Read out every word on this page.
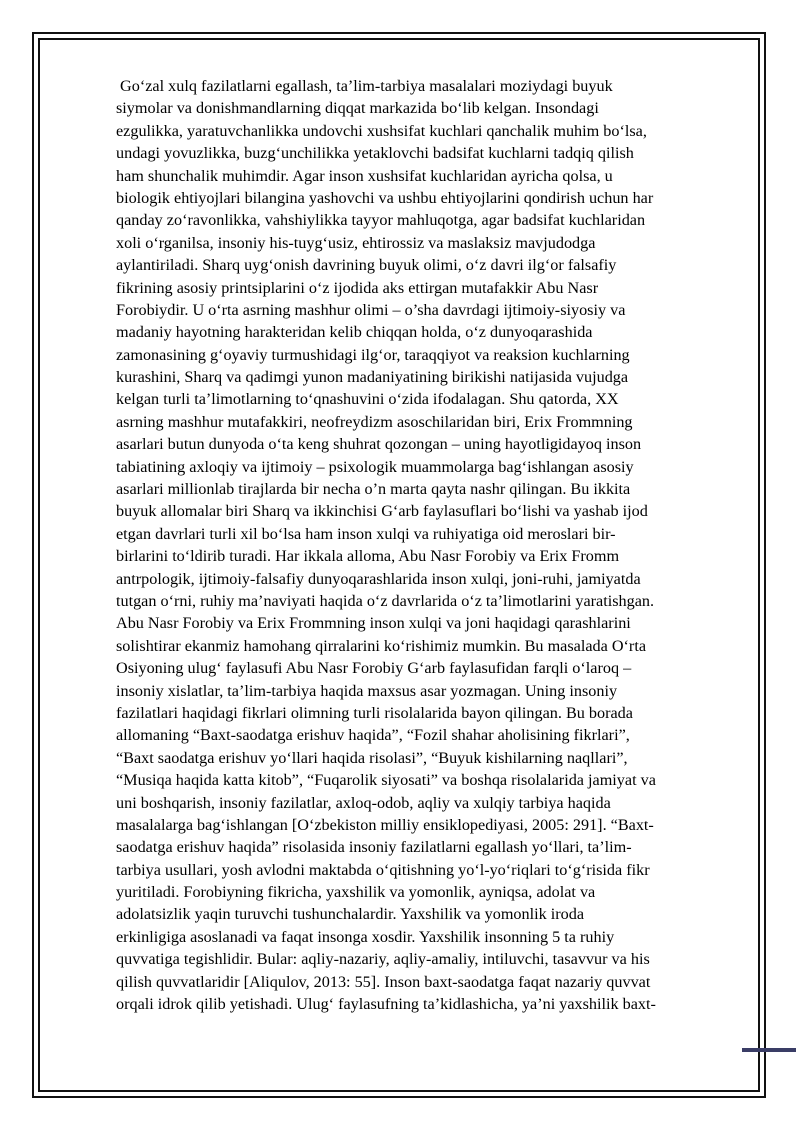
Go‘zal xulq fazilatlarni egallash, ta’lim-tarbiya masalalari moziydagi buyuk
siymolar va donishmandlarning diqqat markazida bo‘lib kelgan. Insondagi
ezgulikka, yaratuvchanlikka undovchi xushsifat kuchlari qanchalik muhim bo‘lsa,
undagi yovuzlikka, buzg‘unchilikka yetaklovchi badsifat kuchlarni tadqiq qilish
ham shunchalik muhimdir. Agar inson xushsifat kuchlaridan ayricha qolsa, u
biologik ehtiyojlari bilangina yashovchi va ushbu ehtiyojlarini qondirish uchun har
qanday zo‘ravonlikka, vahshiylikka tayyor mahluqotga, agar badsifat kuchlaridan
xoli o‘rganilsa, insoniy his-tuyg‘usiz, ehtirossiz va maslaksiz mavjudodga
aylantiriladi. Sharq uyg‘onish davrining buyuk olimi, o‘z davri ilg‘or falsafiy
fikrining asosiy printsiplarini o‘z ijodida aks ettirgan mutafakkir Abu Nasr
Forobiydir. U o‘rta asrning mashhur olimi – o’sha davrdagi ijtimoiy-siyosiy va
madaniy hayotning harakteridan kelib chiqqan holda, o‘z dunyoqarashida
zamonasining g‘oyaviy turmushidagi ilg‘or, taraqqiyot va reaksion kuchlarning
kurashini, Sharq va qadimgi yunon madaniyatining birikishi natijasida vujudga
kelgan turli ta’limotlarning to‘qnashuvini o‘zida ifodalagan. Shu qatorda, XX
asrning mashhur mutafakkiri, neofreydizm asoschilaridan biri, Erix Frommning
asarlari butun dunyoda o‘ta keng shuhrat qozongan – uning hayotligidayoq inson
tabiatining axloqiy va ijtimoiy – psixologik muammolarga bag‘ishlangan asosiy
asarlari millionlab tirajlarda bir necha o’n marta qayta nashr qilingan. Bu ikkita
buyuk allomalar biri Sharq va ikkinchisi G‘arb faylasuflari bo‘lishi va yashab ijod
etgan davrlari turli xil bo‘lsa ham inson xulqi va ruhiyatiga oid meroslari bir-
birlarini to‘ldirib turadi. Har ikkala alloma, Abu Nasr Forobiy va Erix Fromm
antrpologik, ijtimoiy-falsafiy dunyoqarashlarida inson xulqi, joni-ruhi, jamiyatda
tutgan o‘rni, ruhiy ma’naviyati haqida o‘z davrlarida o‘z ta’limotlarini yaratishgan.
Abu Nasr Forobiy va Erix Frommning inson xulqi va joni haqidagi qarashlarini
solishtirar ekanmiz hamohang qirralarini ko‘rishimiz mumkin. Bu masalada O‘rta
Osiyoning ulug‘ faylasufi Abu Nasr Forobiy G‘arb faylasufidan farqli o‘laroq –
insoniy xislatlar, ta’lim-tarbiya haqida maxsus asar yozmagan. Uning insoniy
fazilatlari haqidagi fikrlari olimning turli risolalarida bayon qilingan. Bu borada
allomaning “Baxt-saodatga erishuv haqida”, “Fozil shahar aholisining fikrlari”,
“Baxt saodatga erishuv yo‘llari haqida risolasi”, “Buyuk kishilarning naqllari”,
“Musiqa haqida katta kitob”, “Fuqarolik siyosati” va boshqa risolalarida jamiyat va
uni boshqarish, insoniy fazilatlar, axloq-odob, aqliy va xulqiy tarbiya haqida
masalalarga bag‘ishlangan [O‘zbekiston milliy ensiklopediyasi, 2005: 291]. “Baxt-
saodatga erishuv haqida” risolasida insoniy fazilatlarni egallash yo‘llari, ta’lim-
tarbiya usullari, yosh avlodni maktabda o‘qitishning yo‘l-yo‘riqlari to‘g‘risida fikr
yuritiladi. Forobiyning fikricha, yaxshilik va yomonlik, ayniqsa, adolat va
adolatsizlik yaqin turuvchi tushunchalardir. Yaxshilik va yomonlik iroda
erkinligiga asoslanadi va faqat insonga xosdir. Yaxshilik insonning 5 ta ruhiy
quvvatiga tegishlidir. Bular: aqliy-nazariy, aqliy-amaliy, intiluvchi, tasavvur va his
qilish quvvatlaridir [Aliqulov, 2013: 55]. Inson baxt-saodatga faqat nazariy quvvat
orqali idrok qilib yetishadi. Ulug‘ faylasufning ta’kidlashicha, ya’ni yaxshilik baxt-
